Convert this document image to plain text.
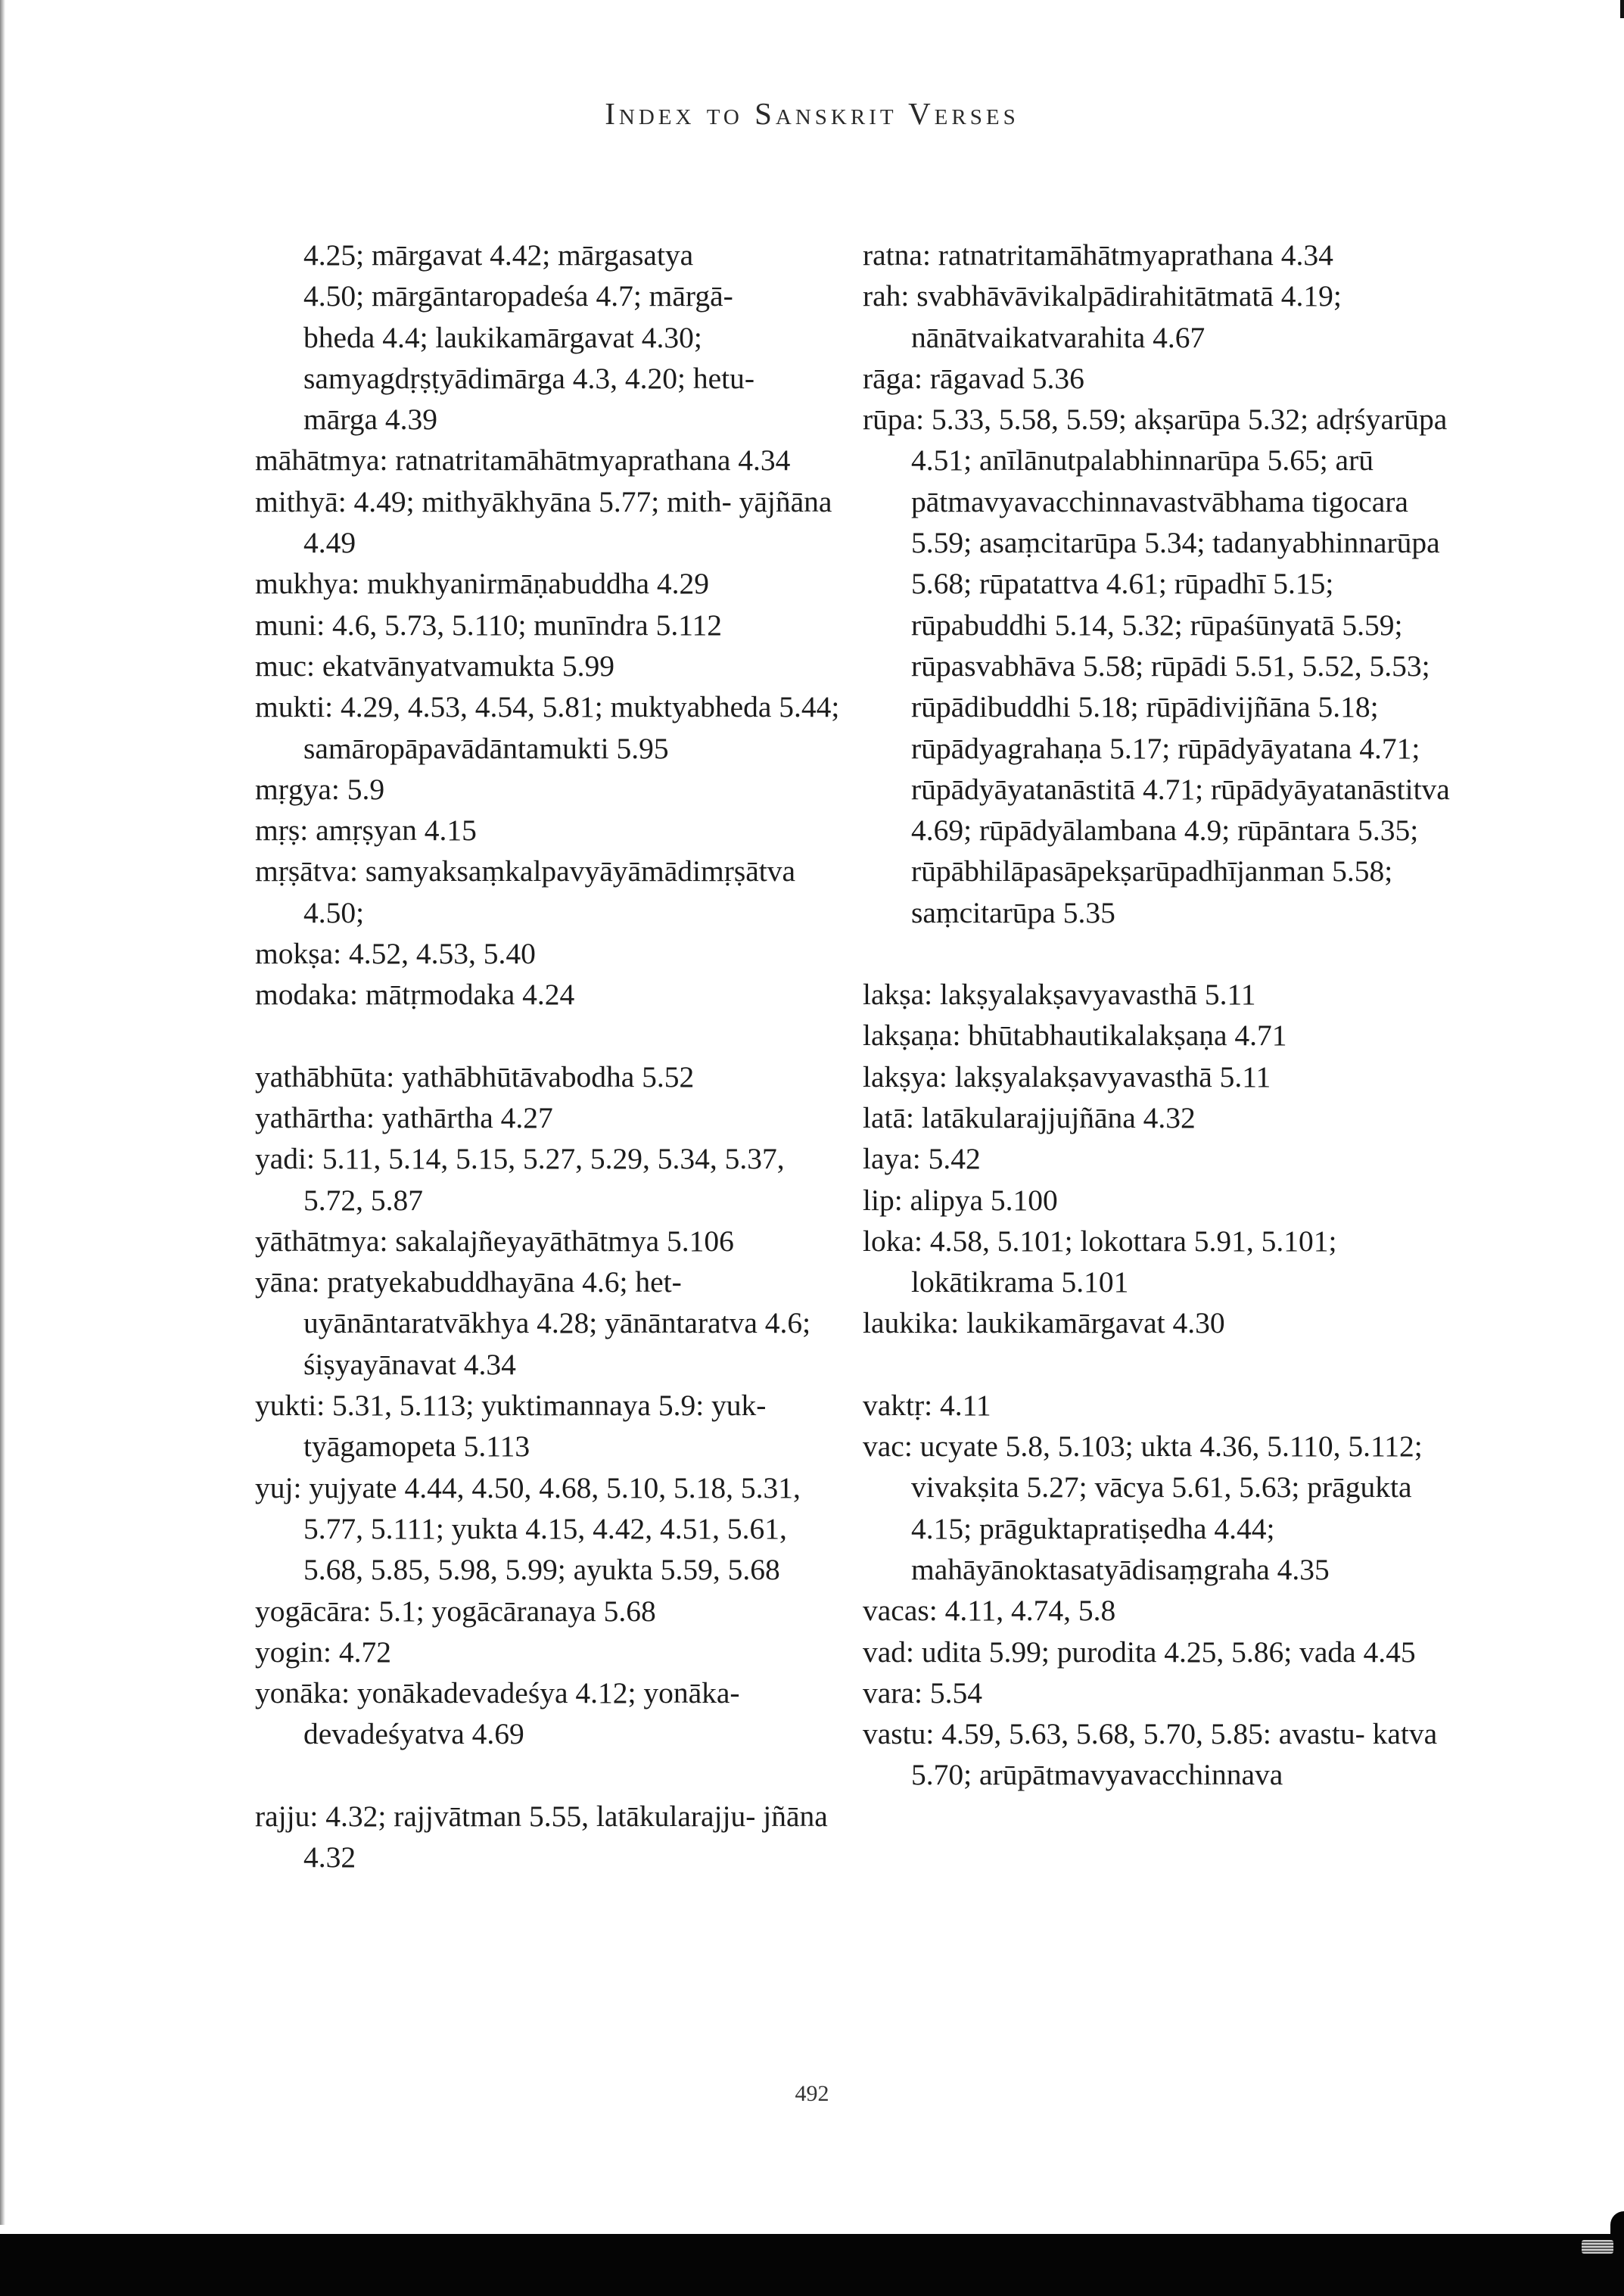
Index to Sanskrit Verses
4.25; mārgavat 4.42; mārgasatya
4.50; mārgāntaropadeśa 4.7; mārgā-
bheda 4.4; laukikamārgavat 4.30;
samyagdṛṣṭyādimārga 4.3, 4.20; hetu-
mārga 4.39
māhātmya: ratnatritamāhātmyaprathana 4.34
mithyā: 4.49; mithyākhyāna 5.77; mith- yājñāna 4.49
mukhya: mukhyanirmāṇabuddha 4.29
muni: 4.6, 5.73, 5.110; munīndra 5.112
muc: ekatvānyatvamukta 5.99
mukti: 4.29, 4.53, 4.54, 5.81; muktyabheda 5.44; samāropāpavādāntamukti 5.95
mṛgya: 5.9
mṛṣ: amṛṣyan 4.15
mṛṣātva: samyaksaṃkalpavyāyāmādimṛṣātva 4.50;
mokṣa: 4.52, 4.53, 5.40
modaka: mātṛmodaka 4.24
yathābhūta: yathābhūtāvabodha 5.52
yathārtha: yathārtha 4.27
yadi: 5.11, 5.14, 5.15, 5.27, 5.29, 5.34, 5.37, 5.72, 5.87
yāthātmya: sakalajñeyayāthātmya 5.106
yāna: pratyekabuddhayāna 4.6; het- uyānāntaratvākhya 4.28; yānāntaratva 4.6; śiṣyayānavat 4.34
yukti: 5.31, 5.113; yuktimannaya 5.9: yuk- tyāgamopeta 5.113
yuj: yujyate 4.44, 4.50, 4.68, 5.10, 5.18, 5.31, 5.77, 5.111; yukta 4.15, 4.42, 4.51, 5.61, 5.68, 5.85, 5.98, 5.99; ayukta 5.59, 5.68
yogācāra: 5.1; yogācāranaya 5.68
yogin: 4.72
yonāka: yonākadevadeśya 4.12; yonāka- devadeśyatva 4.69
rajju: 4.32; rajjvātman 5.55, latākularajju- jñāna 4.32
ratna: ratnatritamāhātmyaprathana 4.34
rah: svabhāvāvikalpādirahitātmatā 4.19; nānātvaikatvarahita 4.67
rāga: rāgavad 5.36
rūpa: 5.33, 5.58, 5.59; akṣarūpa 5.32; adṛśyarūpa 4.51; anīlānutpalabhinnarūpa 5.65; arū pātmavyavacchinnavastvābhama tigocara 5.59; asaṃcitarūpa 5.34; tadanyabhinnarūpa 5.68; rūpatattva 4.61; rūpadhī 5.15; rūpabuddhi 5.14, 5.32; rūpaśūnyatā 5.59; rūpasvabhāva 5.58; rūpādi 5.51, 5.52, 5.53; rūpādibuddhi 5.18; rūpādivijñāna 5.18; rūpādyagrahaṇa 5.17; rūpādyāyatana 4.71; rūpādyāyatanāstitā 4.71; rūpādyāyatanāstitva 4.69; rūpādyālambana 4.9; rūpāntara 5.35; rūpābhilāpasāpekṣarūpadhījanman 5.58; saṃcitarūpa 5.35
lakṣa: lakṣyalakṣavyavasthā 5.11
lakṣaṇa: bhūtabhautikalakṣaṇa 4.71
lakṣya: lakṣyalakṣavyavasthā 5.11
latā: latākularajjujñāna 4.32
laya: 5.42
lip: alipya 5.100
loka: 4.58, 5.101; lokottara 5.91, 5.101; lokātikrama 5.101
laukika: laukikamārgavat 4.30
vaktṛ: 4.11
vac: ucyate 5.8, 5.103; ukta 4.36, 5.110, 5.112; vivakṣita 5.27; vācya 5.61, 5.63; prāgukta 4.15; prāguktapratiṣedha 4.44; mahāyānoktasatyādisaṃgraha 4.35
vacas: 4.11, 4.74, 5.8
vad: udita 5.99; purodita 4.25, 5.86; vada 4.45
vara: 5.54
vastu: 4.59, 5.63, 5.68, 5.70, 5.85: avastu- katva 5.70; arūpātmavyavacchinnava
492
